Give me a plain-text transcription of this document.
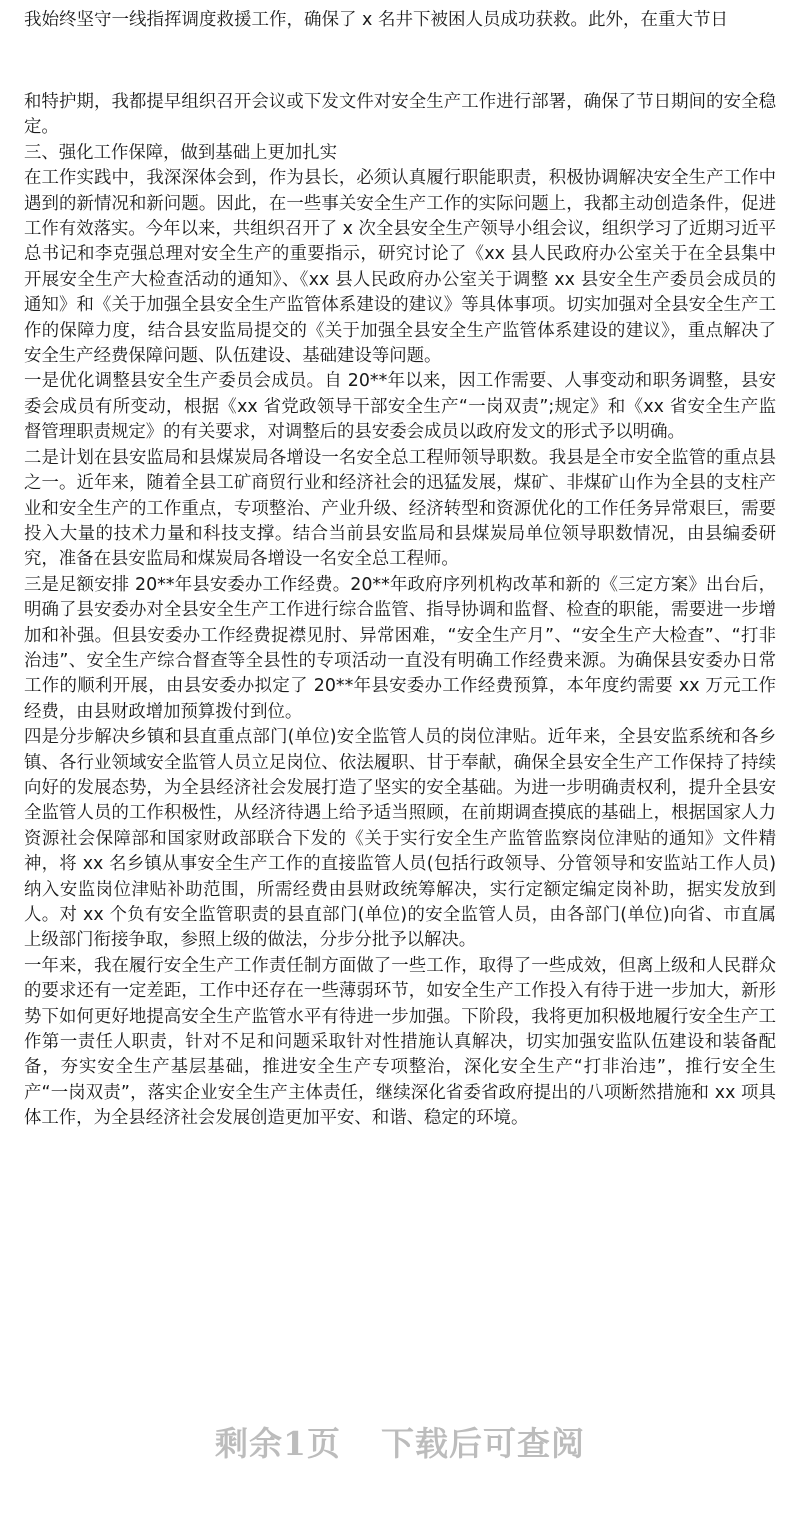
我始终坚守一线指挥调度救援工作，确保了 x 名井下被困人员成功获救。此外，在重大节日

和特护期，我都提早组织召开会议或下发文件对安全生产工作进行部署，确保了节日期间的安全稳定。

三、强化工作保障，做到基础上更加扎实

在工作实践中，我深深体会到，作为县长，必须认真履行职能职责，积极协调解决安全生产工作中遇到的新情况和新问题。因此，在一些事关安全生产工作的实际问题上，我都主动创造条件，促进工作有效落实。今年以来，共组织召开了 x 次全县安全生产领导小组会议，组织学习了近期习近平总书记和李克强总理对安全生产的重要指示，研究讨论了《xx 县人民政府办公室关于在全县集中开展安全生产大检查活动的通知》、《xx 县人民政府办公室关于调整 xx 县安全生产委员会成员的通知》和《关于加强全县安全生产监管体系建设的建议》等具体事项。切实加强对全县安全生产工作的保障力度，结合县安监局提交的《关于加强全县安全生产监管体系建设的建议》，重点解决了安全生产经费保障问题、队伍建设、基础建设等问题。

一是优化调整县安全生产委员会成员。自 20**年以来，因工作需要、人事变动和职务调整，县安委会成员有所变动，根据《xx 省党政领导干部安全生产“一岗双责”;规定》和《xx 省安全生产监督管理职责规定》的有关要求，对调整后的县安委会成员以政府发文的形式予以明确。

二是计划在县安监局和县煤炭局各增设一名安全总工程师领导职数。我县是全市安全监管的重点县之一。近年来，随着全县工矿商贸行业和经济社会的迅猛发展，煤矿、非煤矿山作为全县的支柱产业和安全生产的工作重点，专项整治、产业升级、经济转型和资源优化的工作任务异常艰巨，需要投入大量的技术力量和科技支撑。结合当前县安监局和县煤炭局单位领导职数情况，由县编委研究，准备在县安监局和煤炭局各增设一名安全总工程师。

三是足额安排 20**年县安委办工作经费。20**年政府序列机构改革和新的《三定方案》出台后，明确了县安委办对全县安全生产工作进行综合监管、指导协调和监督、检查的职能，需要进一步增加和补强。但县安委办工作经费捉襟见肘、异常困难，“安全生产月”、“安全生产大检查”、“打非治违”、安全生产综合督查等全县性的专项活动一直没有明确工作经费来源。为确保县安委办日常工作的顺利开展，由县安委办拟定了 20**年县安委办工作经费预算，本年度约需要 xx 万元工作经费，由县财政增加预算拨付到位。

四是分步解决乡镇和县直重点部门(单位)安全监管人员的岗位津贴。近年来，全县安监系统和各乡镇、各行业领域安全监管人员立足岗位、依法履职、甘于奉献，确保全县安全生产工作保持了持续向好的发展态势，为全县经济社会发展打造了坚实的安全基础。为进一步明确责权利，提升全县安全监管人员的工作积极性，从经济待遇上给予适当照顾，在前期调查摸底的基础上，根据国家人力资源社会保障部和国家财政部联合下发的《关于实行安全生产监管监察岗位津贴的通知》文件精神，将 xx 名乡镇从事安全生产工作的直接监管人员(包括行政领导、分管领导和安监站工作人员)纳入安监岗位津贴补助范围，所需经费由县财政统筹解决，实行定额定编定岗补助，据实发放到人。对 xx 个负有安全监管职责的县直部门(单位)的安全监管人员，由各部门(单位)向省、市直属上级部门衔接争取，参照上级的做法，分步分批予以解决。

一年来，我在履行安全生产工作责任制方面做了一些工作，取得了一些成效，但离上级和人民群众的要求还有一定差距，工作中还存在一些薄弱环节，如安全生产工作投入有待于进一步加大，新形势下如何更好地提高安全生产监管水平有待进一步加强。下阶段，我将更加积极地履行安全生产工作第一责任人职责，针对不足和问题采取针对性措施认真解决，切实加强安监队伍建设和装备配备，夯实安全生产基层基础，推进安全生产专项整治，深化安全生产“打非治违”，推行安全生产“一岗双责”，落实企业安全生产主体责任，继续深化省委省政府提出的八项断然措施和 xx 项具体工作，为全县经济社会发展创造更加平安、和谐、稳定的环境。

剩余1页 下载后可查阅
